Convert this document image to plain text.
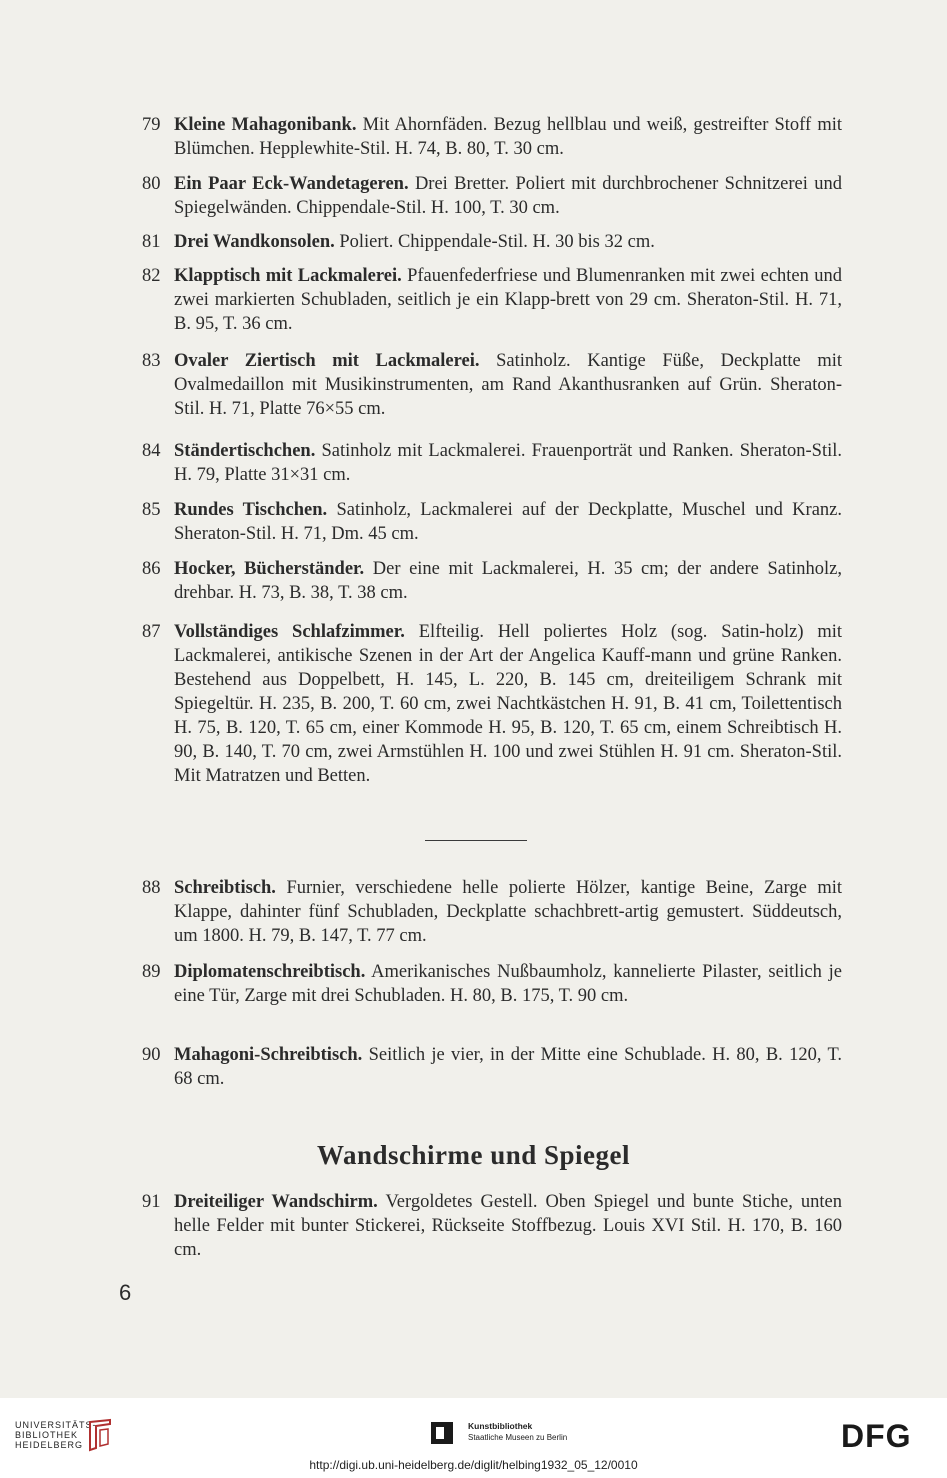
79 Kleine Mahagonibank. Mit Ahornfäden. Bezug hellblau und weiß, gestreifter Stoff mit Blümchen. Hepplewhite-Stil. H. 74, B. 80, T. 30 cm.
80 Ein Paar Eck-Wandetageren. Drei Bretter. Poliert mit durchbrochener Schnitzerei und Spiegelwänden. Chippendale-Stil. H. 100, T. 30 cm.
81 Drei Wandkonsolen. Poliert. Chippendale-Stil. H. 30 bis 32 cm.
82 Klapptisch mit Lackmalerei. Pfauenfederfriese und Blumenranken mit zwei echten und zwei markierten Schubladen, seitlich je ein Klapp-brett von 29 cm. Sheraton-Stil. H. 71, B. 95, T. 36 cm.
83 Ovaler Ziertisch mit Lackmalerei. Satinholz. Kantige Füße, Deckplatte mit Ovalmedaillon mit Musikinstrumenten, am Rand Akanthusranken auf Grün. Sheraton-Stil. H. 71, Platte 76×55 cm.
84 Ständertischchen. Satinholz mit Lackmalerei. Frauenporträt und Ranken. Sheraton-Stil. H. 79, Platte 31×31 cm.
85 Rundes Tischchen. Satinholz, Lackmalerei auf der Deckplatte, Muschel und Kranz. Sheraton-Stil. H. 71, Dm. 45 cm.
86 Hocker, Bücherständer. Der eine mit Lackmalerei, H. 35 cm; der andere Satinholz, drehbar. H. 73, B. 38, T. 38 cm.
87 Vollständiges Schlafzimmer. Elfteilig. Hell poliertes Holz (sog. Satin-holz) mit Lackmalerei, antikische Szenen in der Art der Angelica Kauff-mann und grüne Ranken. Bestehend aus Doppelbett, H. 145, L. 220, B. 145 cm, dreiteiligem Schrank mit Spiegeltür. H. 235, B. 200, T. 60 cm, zwei Nachtkästchen H. 91, B. 41 cm, Toilettentisch H. 75, B. 120, T. 65 cm, einer Kommode H. 95, B. 120, T. 65 cm, einem Schreibtisch H. 90, B. 140, T. 70 cm, zwei Armstühlen H. 100 und zwei Stühlen H. 91 cm. Sheraton-Stil. Mit Matratzen und Betten.
88 Schreibtisch. Furnier, verschiedene helle polierte Hölzer, kantige Beine, Zarge mit Klappe, dahinter fünf Schubladen, Deckplatte schachbrett-artig gemustert. Süddeutsch, um 1800. H. 79, B. 147, T. 77 cm.
89 Diplomatenschreibtisch. Amerikanisches Nußbaumholz, kannelierte Pilaster, seitlich je eine Tür, Zarge mit drei Schubladen. H. 80, B. 175, T. 90 cm.
90 Mahagoni-Schreibtisch. Seitlich je vier, in der Mitte eine Schublade. H. 80, B. 120, T. 68 cm.
Wandschirme und Spiegel
91 Dreiteiliger Wandschirm. Vergoldetes Gestell. Oben Spiegel und bunte Stiche, unten helle Felder mit bunter Stickerei, Rückseite Stoffbezug. Louis XVI Stil. H. 170, B. 160 cm.
6
UNIVERSITÄTS-
BIBLIOTHEK
HEIDELBERG
Kunstbibliothek
Staatliche Museen zu Berlin	DFG
http://digi.ub.uni-heidelberg.de/diglit/helbing1932_05_12/0010
